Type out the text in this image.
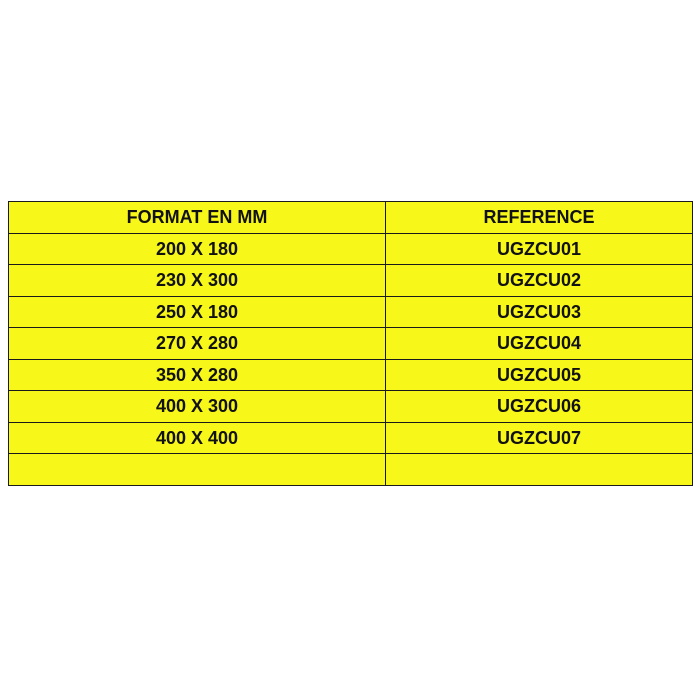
FORMAT EN MM	REFERENCE
200 X 180	UGZCU01
230 X 300	UGZCU02
250 X 180	UGZCU03
270 X 280	UGZCU04
350 X 280	UGZCU05
400 X 300	UGZCU06
400 X 400	UGZCU07
